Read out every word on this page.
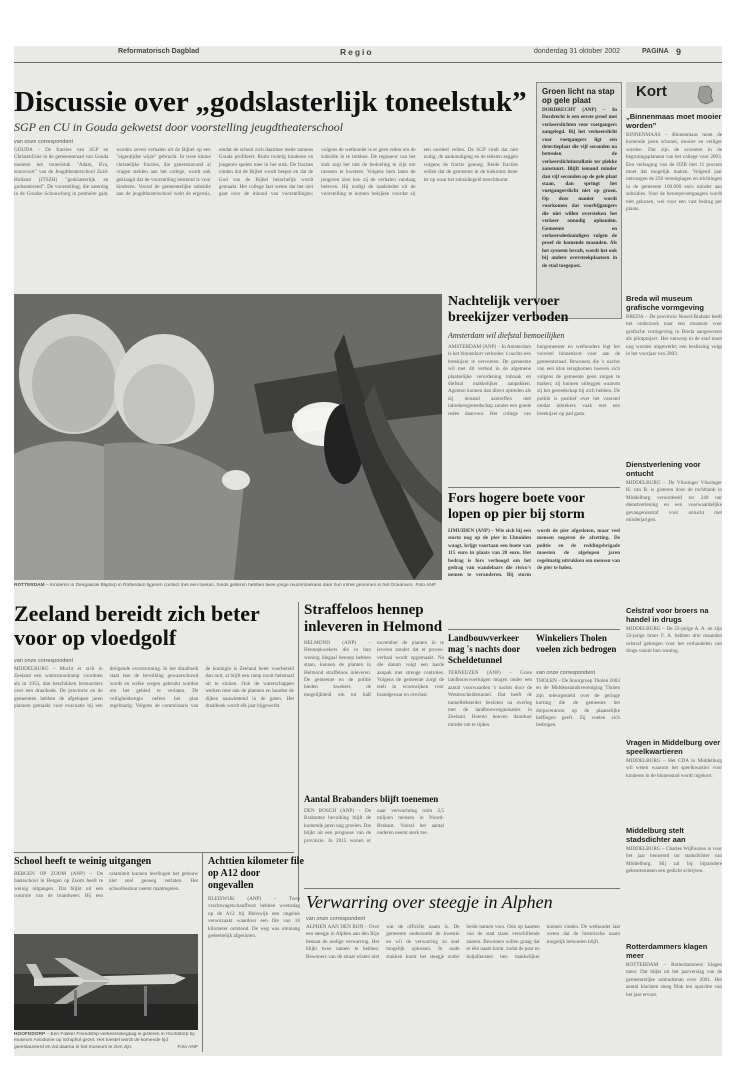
Reformatorisch Dagblad	Regio	donderdag 31 oktober 2002	PAGINA 9
Discussie over „godslasterlijk toneelstuk”
SGP en CU in Gouda gekwetst door voorstelling jeugdtheaterschool
van onze correspondent
GOUDA – De fracties van SGP en ChristenUnie in de gemeenteraad van Gouda noemen het toneelstuk "Adam, Eva, enzovoort" van de Jeugdtheaterschool Zuid-Holland (JTSZH) "godslasterlijk en godsonterend". De voorstelling, die zaterdag in de Goudse Schouwburg in première gaat, worden zeven verhalen uit de Bijbel op een "eigentijdse wijze" gebracht. In twee kleine christelijke fracties, die gisterenavond al vragen stelden aan het college, wordt ook geklaagd dat de voorstelling bestemd is voor kinderen. Vooral de gemeentelijke subsidie aan de jeugdtheaterschool wekt de ergernis, omdat de school zich daarmee mede namens Gouda profileert. Ruim twintig kinderen en jongeren spelen mee in het stuk. De fracties vinden dat de Bijbel wordt bespot en dat de God van de Bijbel belachelijk wordt gemaakt. Het college laat weten dat het niet gaat over de inhoud van voorstellingen; volgens de wethouder is er geen reden om de subsidie in te trekken. De regisseur van het stuk zegt het niet de bedoeling te zijn om mensen te kwetsen. Volgens hem laten de jongeren zien hoe zij de verhalen vandaag beleven. Hij nodigt de raadsleden uit de voorstelling te komen bekijken voordat zij een oordeel vellen. De SGP vindt dat niet nodig; de aankondiging en de teksten zeggen volgens de fractie genoeg. Beide fracties willen dat de gemeente in de toekomst beter let op waar het subsidiegeld terechtkomt.
Groen licht na stap op gele plaat
DORDRECHT (ANP) – In Dordrecht is een eerste proef met verkeerslichten voor voetgangers aangelegd. Bij het verkeerslicht voor voetgangers ligt een detectieplaat die vijf seconden na betreden de verkeerslichtinstallatie ter plekke aanstuurt. Blijft iemand minder dan vijf seconden op de gele plaat staan, dan springt het voetgangerslicht niet op groen. Op deze manier wordt voorkomen dat voorbijgangers die niet willen oversteken het verkeer onnodig ophouden. Gemeente en verkeersdeskundigen volgen de proef de komende maanden. Als het systeem bevalt, wordt het ook bij andere oversteekplaatsen in de stad toegepast.
Kort
„Binnenmaas moet mooier worden”
BINNENMAAS – Binnenmaas moet de komende jaren schoner, mooier en veiliger worden. Dat zijn de accenten in de begrotingsplannen van het college voor 2003. Een verhoging van de OZB met 11 procent moet dat mogelijk maken. Volgend jaar ontvangen de 250 verenigingen en stichtingen in de gemeente 100.000 euro minder aan subsidies. Voor de beroepsvoetgangers wordt niet gekozen, wel voor een vast bedrag per plaats.
Breda wil museum grafische vormgeving
BREDA – De provincie Noord-Brabant heeft het onderzoek naar een museum voor grafische vormgeving in Breda aangewezen als pilotproject. Het ontwerp in de stad moet nog worden uitgewerkt; een beslissing volgt in het voorjaar van 2003.
Dienstverlening voor ontucht
MIDDELBURG – De Vlissinger Vlissinger H. van B. is gisteren door de rechtbank in Middelburg veroordeeld tot 240 uur dienstverlening en een voorwaardelijke gevangenisstraf voor ontucht met minderjarigen.
Celstraf voor broers na handel in drugs
MIDDELBURG – De 23-jarige A. A. en zijn 33-jarige broer F. A. hebben drie maanden celstraf gekregen voor het verhandelen van drugs vanuit hun woning.
Vragen in Middelburg over speelkwartieren
MIDDELBURG – Het CDA in Middelburg wil weten waarom het speelkwartier voor kinderen in de binnenstad wordt ingekort.
Middelburg stelt stadsdichter aan
MIDDELBURG – Charles Wijlhuizen is voor het jaar benoemd tot stadsdichter van Middelburg. Hij zal bij bijzondere gebeurtenissen een gedicht schrijven.
Rotterdammers klagen meer
ROTTERDAM – Rotterdammers klagen meer. Dat blijkt uit het jaarverslag van de gemeentelijke ombudsman over 2001. Het aantal klachten steeg flink ten opzichte van het jaar ervoor.
ROTTERDAM – Kinderen in Diergaarde Blijdorp in Rotterdam tijgeren contact met een toekan. Sinds gisteren hebben twee jonge reuzentoekans daar hun intrek genomen in het Oceanium. Foto ANP
Nachtelijk vervoer breekijzer verboden
Amsterdam wil diefstal bemoeilijken
AMSTERDAM (ANP) – In Amsterdam is het binnenkort verboden 's nachts een breekijzer te vervoeren. De gemeente wil met dit verbod in de algemene plaatselijke verordening inbraak en diefstal makkelijker aanpakken. Agenten kunnen dan direct optreden als zij iemand aantreffen met inbrekersgereedschap zonder een goede reden daarvoor. Het college van burgemeester en wethouders legt het voorstel binnenkort voor aan de gemeenteraad. Bewoners die 's nachts van een klus terugkomen hoeven zich volgens de gemeente geen zorgen te maken; zij kunnen uitleggen waarom zij het gereedschap bij zich hebben. De politie is positief over het voorstel omdat inbrekers vaak met een breekijzer op pad gaan.
Fors hogere boete voor lopen op pier bij storm
IJMUIDEN (ANP) – Wie zich bij een storm nog op de pier in IJmuiden waagt, krijgt voortaan een boete van 115 euro in plaats van 20 euro. Het bedrag is fors verhoogd om het gedrag van wandelaars die risico's nemen te veranderen. Bij storm wordt de pier afgesloten, maar veel mensen negeren de afzetting. De politie en de reddingsbrigade moesten de afgelopen jaren regelmatig uitrukken om mensen van de pier te halen.
Zeeland bereidt zich beter voor op vloedgolf
van onze correspondent
MIDDELBURG – Mocht er zich in Zeeland een watersnoodramp voordoen als in 1953, dan beschikken bestuurders over een draaiboek. De provincie en de gemeenten hebben de afgelopen jaren plannen gemaakt voor evacuatie bij een dreigende overstroming. In het draaiboek staat hoe de bevolking gewaarschuwd wordt en welke wegen gebruikt worden om het gebied te verlaten. De veiligheidsregio oefent het plan regelmatig. Volgens de commissaris van de koningin is Zeeland beter voorbereid dan ooit, al blijft een ramp nooit helemaal uit te sluiten. Ook de waterschappen werken mee aan de plannen en houden de dijken nauwlettend in de gaten. Het draaiboek wordt elk jaar bijgewerkt.
Straffeloos hennep inleveren in Helmond
HELMOND (ANP) – Hennepkwekers die in hun woning illegaal hennep hebben staan, kunnen de planten in Helmond straffeloos inleveren. De gemeente en de politie bieden kwekers de mogelijkheid om tot half november de planten in te leveren zonder dat er proces-verbaal wordt opgemaakt. Na die datum volgt een harde aanpak met strenge controles. Volgens de gemeente zorgt de teelt in woonwijken voor brandgevaar en overlast.
Aantal Brabanders blijft toenemen
DEN BOSCH (ANP) – De Brabantse bevolking blijft de komende jaren nog groeien. Dat blijkt uit een prognose van de provincie. In 2015 wonen er naar verwachting ruim 2,5 miljoen mensen in Noord-Brabant. Vooral het aantal ouderen neemt sterk toe.
Landbouwverkeer mag 's nachts door Scheldetunnel
TERNEUZEN (ANP) – Grote landbouwvoertuigen mogen onder een aantal voorwaarden 's nachts door de Westerscheldetunnel. Dat heeft de tunnelbeheerder besloten na overleg met de landbouworganisaties in Zeeland. Boeren hoeven daardoor minder om te rijden.
Winkeliers Tholen voelen zich bedrogen
van onze correspondent
THOLEN – De Stoorgroep Tholen 2003 en de Middenstandsvereniging Tholen zijn teleurgesteld over de geringe korting die de gemeente het dorpscentrum op de plaatselijke heffingen geeft. Zij voelen zich bedrogen.
School heeft te weinig uitgangen
BERGEN OP ZOOM (ANP) – De basisschool in Bergen op Zoom heeft te weinig uitgangen. Dat blijkt uit een controle van de brandweer. Bij een calamiteit kunnen leerlingen het gebouw niet snel genoeg verlaten. Het schoolbestuur neemt maatregelen.
HOOFDDORP – Een Fokker Friendship-verkeersvliegtuig is gisteren in Hoofddorp bij museum Aviodome op Schiphol gezet. Het toestel wordt de komende tijd gerestaureerd en zal daarna in het museum te zien zijn.	Foto ANP
Achttien kilometer file op A12 door ongevallen
BLEISWIJK (ANP) – Twee vrachtwagenchauffeurs hebben woensdag op de A12 bij Bleiswijk een ongeluk veroorzaakt waardoor een file van 18 kilometer ontstond. De weg was urenlang gedeeltelijk afgesloten.
Verwarring over steegje in Alphen
van onze correspondent
ALPHEN AAN DEN RIJN – Over een steegje in Alphen aan den Rijn bestaat de nodige verwarring. Het blijkt twee namen te hebben. Bewoners van de straat wisten niet wat de officiële naam is. De gemeente onderzoekt de kwestie en wil de verwarring zo snel mogelijk oplossen. In oude stukken komt het steegje onder beide namen voor. Ook op kaarten van de stad staan verschillende namen. Bewoners willen graag dat er één naam komt, zodat de post en hulpdiensten hen makkelijker kunnen vinden. De wethouder laat weten dat de historische naam mogelijk behouden blijft.
